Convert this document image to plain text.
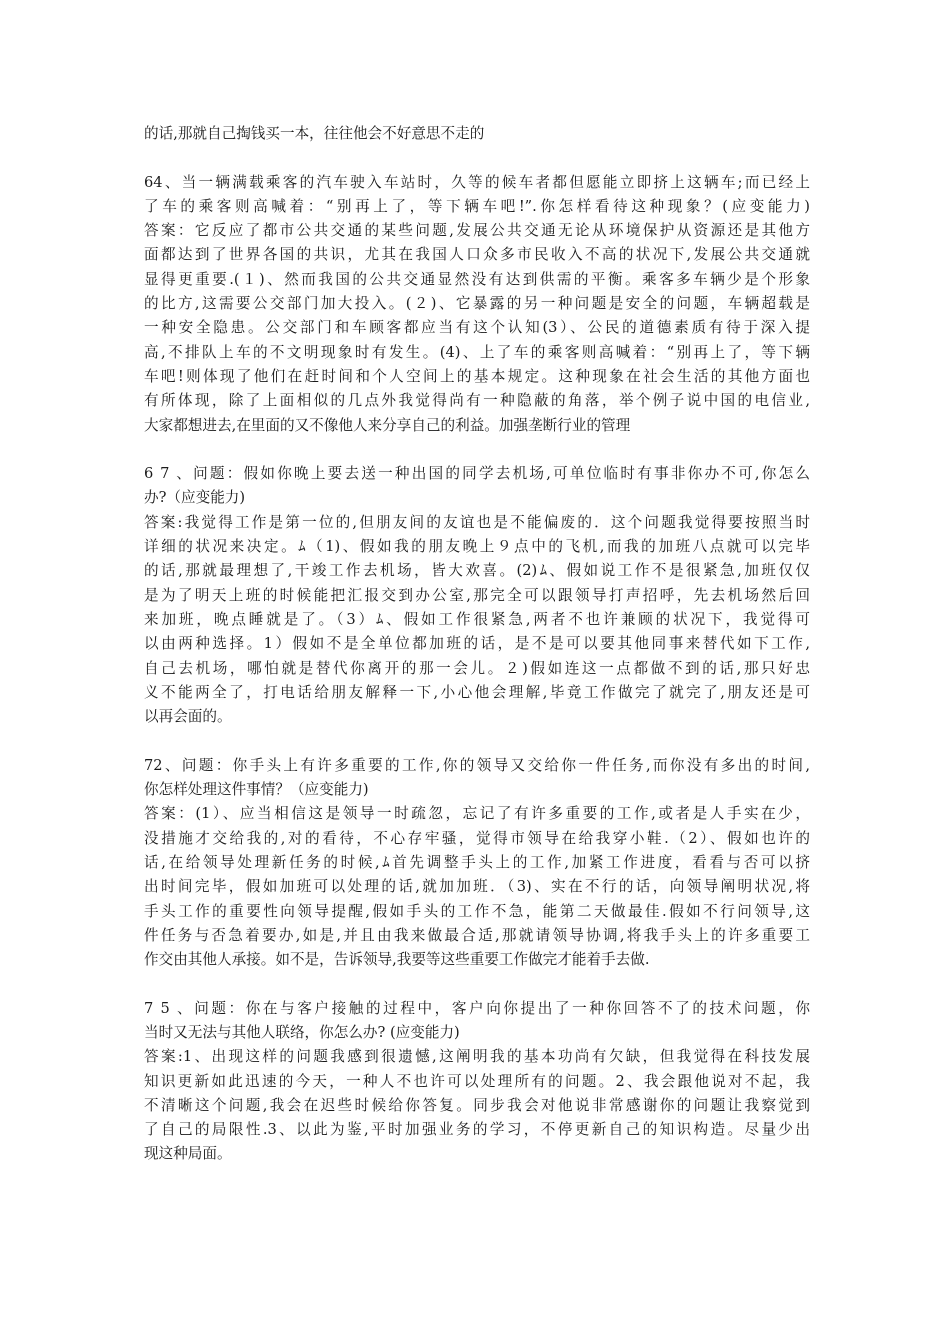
的话,那就自己掏钱买一本，往往他会不好意思不走的
64、当一辆满载乘客的汽车驶入车站时，久等的候车者都但愿能立即挤上这辆车;而已经上
了车的乘客则高喊着：“别再上了，等下辆车吧!”.你怎样看待这种现象？(应变能力)
答案：它反应了都市公共交通的某些问题,发展公共交通无论从环境保护从资源还是其他方
面都达到了世界各国的共识，尤其在我国人口众多市民收入不高的状况下,发展公共交通就
显得更重要.(１)、然而我国的公共交通显然没有达到供需的平衡。乘客多车辆少是个形象
的比方,这需要公交部门加大投入。(２)、它暴露的另一种问题是安全的问题，车辆超载是
一种安全隐患。公交部门和车顾客都应当有这个认知(3）、公民的道德素质有待于深入提
高,不排队上车的不文明现象时有发生。(4)、上了车的乘客则高喊着：“别再上了，等下辆
车吧!则体现了他们在赶时间和个人空间上的基本规定。这种现象在社会生活的其他方面也
有所体现，除了上面相似的几点外我觉得尚有一种隐蔽的角落，举个例子说中国的电信业,
大家都想进去,在里面的又不像他人来分享自己的利益。加强垄断行业的管理
6 7 、问题：假如你晚上要去送一种出国的同学去机场,可单位临时有事非你办不可,你怎么
办?（应变能力)
答案:我觉得工作是第一位的,但朋友间的友谊也是不能偏废的．这个问题我觉得要按照当时
详细的状况来决定。ﾑ（1)、假如我的朋友晚上９点中的飞机,而我的加班八点就可以完毕
的话,那就最理想了,干竣工作去机场，皆大欢喜。(2)ﾑ、假如说工作不是很紧急,加班仅仅
是为了明天上班的时候能把汇报交到办公室,那完全可以跟领导打声招呼，先去机场然后回
来加班，晚点睡就是了。（3）ﾑ、假如工作很紧急,两者不也许兼顾的状况下，我觉得可
以由两种选择。1）假如不是全单位都加班的话，是不是可以要其他同事来替代如下工作,
自己去机场，哪怕就是替代你离开的那一会儿。２)假如连这一点都做不到的话,那只好忠
义不能两全了，打电话给朋友解释一下,小心他会理解,毕竟工作做完了就完了,朋友还是可
以再会面的。
72、问题：你手头上有许多重要的工作,你的领导又交给你一件任务,而你没有多出的时间,
你怎样处理这件事情？（应变能力)
答案：(1）、应当相信这是领导一时疏忽，忘记了有许多重要的工作,或者是人手实在少，
没措施才交给我的,对的看待，不心存牢骚，觉得市领导在给我穿小鞋.（2）、假如也许的
话,在给领导处理新任务的时候,ﾑ首先调整手头上的工作,加紧工作进度，看看与否可以挤
出时间完毕，假如加班可以处理的话,就加加班．（3)、实在不行的话，向领导阐明状况,将
手头工作的重要性向领导提醒,假如手头的工作不急，能第二天做最佳.假如不行问领导,这
件任务与否急着要办,如是,并且由我来做最合适,那就请领导协调,将我手头上的许多重要工
作交由其他人承接。如不是，告诉领导,我要等这些重要工作做完才能着手去做.
7 5 、问题：你在与客户接触的过程中，客户向你提出了一种你回答不了的技术问题，你
当时又无法与其他人联络，你怎么办? (应变能力)
答案:1、出现这样的问题我感到很遗憾,这阐明我的基本功尚有欠缺，但我觉得在科技发展
知识更新如此迅速的今天，一种人不也许可以处理所有的问题。2、我会跟他说对不起，我
不清晰这个问题,我会在迟些时候给你答复。同步我会对他说非常感谢你的问题让我察觉到
了自己的局限性.3、以此为鉴,平时加强业务的学习，不停更新自己的知识构造。尽量少出
现这种局面。
